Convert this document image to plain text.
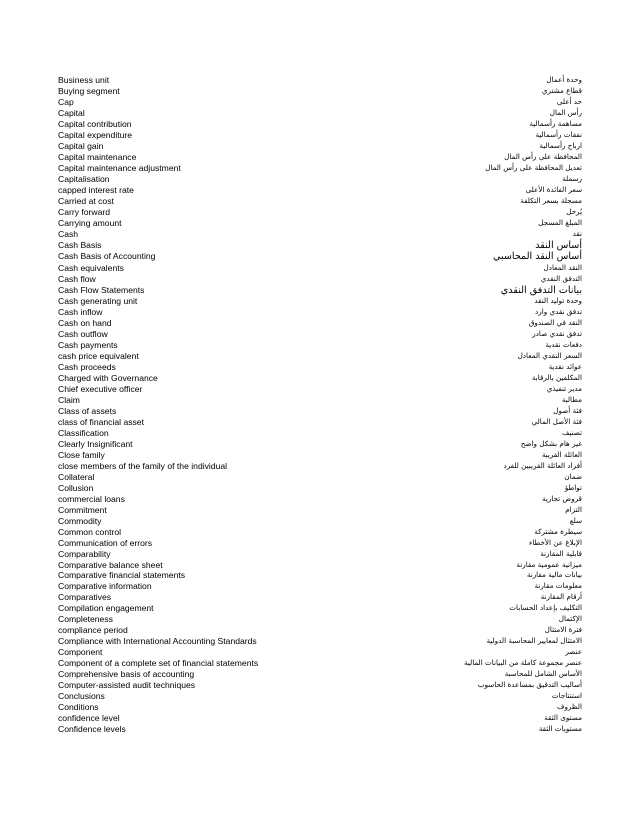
Business unit	وحدة أعمال
Buying segment	قطاع مشتري
Cap	حد أعلى
Capital	رأس المال
Capital contribution	مساهمة رأسمالية
Capital expenditure	نفقات رأسمالية
Capital gain	ارباح رأسمالية
Capital maintenance	المحافظة على رأس المال
Capital maintenance adjustment	تعديل المحافظة على رأس المال
Capitalisation	رسملة
capped interest rate	سعر الفائدة الأعلى
Carried at cost	مسجلة بسعر التكلفة
Carry forward	يُرحل
Carrying amount	المبلغ المسجل
Cash	نقد
Cash Basis	أساس النقد
Cash Basis of Accounting	أساس النقد المحاسبي
Cash equivalents	النقد المعادل
Cash flow	التدفق النقدي
Cash Flow Statements	بيانات التدفق النقدي
Cash generating unit	وحدة توليد النقد
Cash inflow	تدفق نقدي وارد
Cash on hand	النقد في الصندوق
Cash outflow	تدفق نقدي صادر
Cash payments	دفعات نقدية
cash price equivalent	السعر النقدي المعادل
Cash proceeds	عوائد نقدية
Charged with Governance	المكلفين بالرقابة
Chief executive officer	مدير تنفيذي
Claim	مطالبة
Class of assets	فئة أصول
class of financial asset	فئة الأصل المالي
Classification	تصنيف
Clearly Insignificant	غير هام بشكل واضح
Close family	العائلة القريبة
close members of the family of the individual	أفراد العائلة القريبين للفرد
Collateral	ضمان
Collusion	تواطؤ
commercial loans	قروض تجارية
Commitment	التزام
Commodity	سلع
Common control	سيطرة مشتركة
Communication of errors	الإبلاغ عن الأخطاء
Comparability	قابلية المقارنة
Comparative balance sheet	ميزانية عمومية مقارنة
Comparative financial statements	بيانات مالية مقارنة
Comparative information	معلومات مقارنة
Comparatives	أرقام المقارنة
Compilation engagement	التكليف بإعداد الحسابات
Completeness	الإكتمال
compliance period	فترة الامتثال
Compliance with International Accounting Standards	الامتثال لمعايير المحاسبة الدولية
Component	عنصر
Component of a complete set of financial statements	عنصر مجموعة كاملة من البيانات المالية
Comprehensive basis of accounting	الأساس الشامل للمحاسبة
Computer-assisted audit techniques	أساليب التدقيق بمساعدة الحاسوب
Conclusions	استنتاجات
Conditions	الظروف
confidence level	مستوى الثقة
Confidence levels	مستويات الثقة
